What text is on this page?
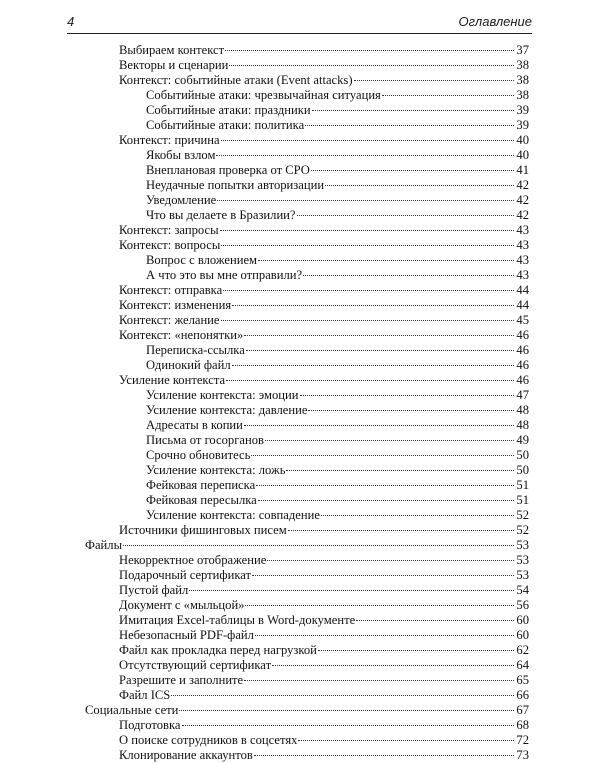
4	Оглавление
Выбираем контекст	37
Векторы и сценарии	38
Контекст: событийные атаки (Event attacks)	38
Событийные атаки: чрезвычайная ситуация	38
Событийные атаки: праздники	39
Событийные атаки: политика	39
Контекст: причина	40
Якобы взлом	40
Внеплановая проверка от СРО	41
Неудачные попытки авторизации	42
Уведомление	42
Что вы делаете в Бразилии?	42
Контекст: запросы	43
Контекст: вопросы	43
Вопрос с вложением	43
А что это вы мне отправили?	43
Контекст: отправка	44
Контекст: изменения	44
Контекст: желание	45
Контекст: «непонятки»	46
Переписка-ссылка	46
Одинокий файл	46
Усиление контекста	46
Усиление контекста: эмоции	47
Усиление контекста: давление	48
Адресаты в копии	48
Письма от госорганов	49
Срочно обновитесь	50
Усиление контекста: ложь	50
Фейковая переписка	51
Фейковая пересылка	51
Усиление контекста: совпадение	52
Источники фишинговых писем	52
Файлы	53
Некорректное отображение	53
Подарочный сертификат	53
Пустой файл	54
Документ с «мыльцой»	56
Имитация Excel-таблицы в Word-документе	60
Небезопасный PDF-файл	60
Файл как прокладка перед нагрузкой	62
Отсутствующий сертификат	64
Разрешите и заполните	65
Файл ICS	66
Социальные сети	67
Подготовка	68
О поиске сотрудников в соцсетях	72
Клонирование аккаунтов	73
